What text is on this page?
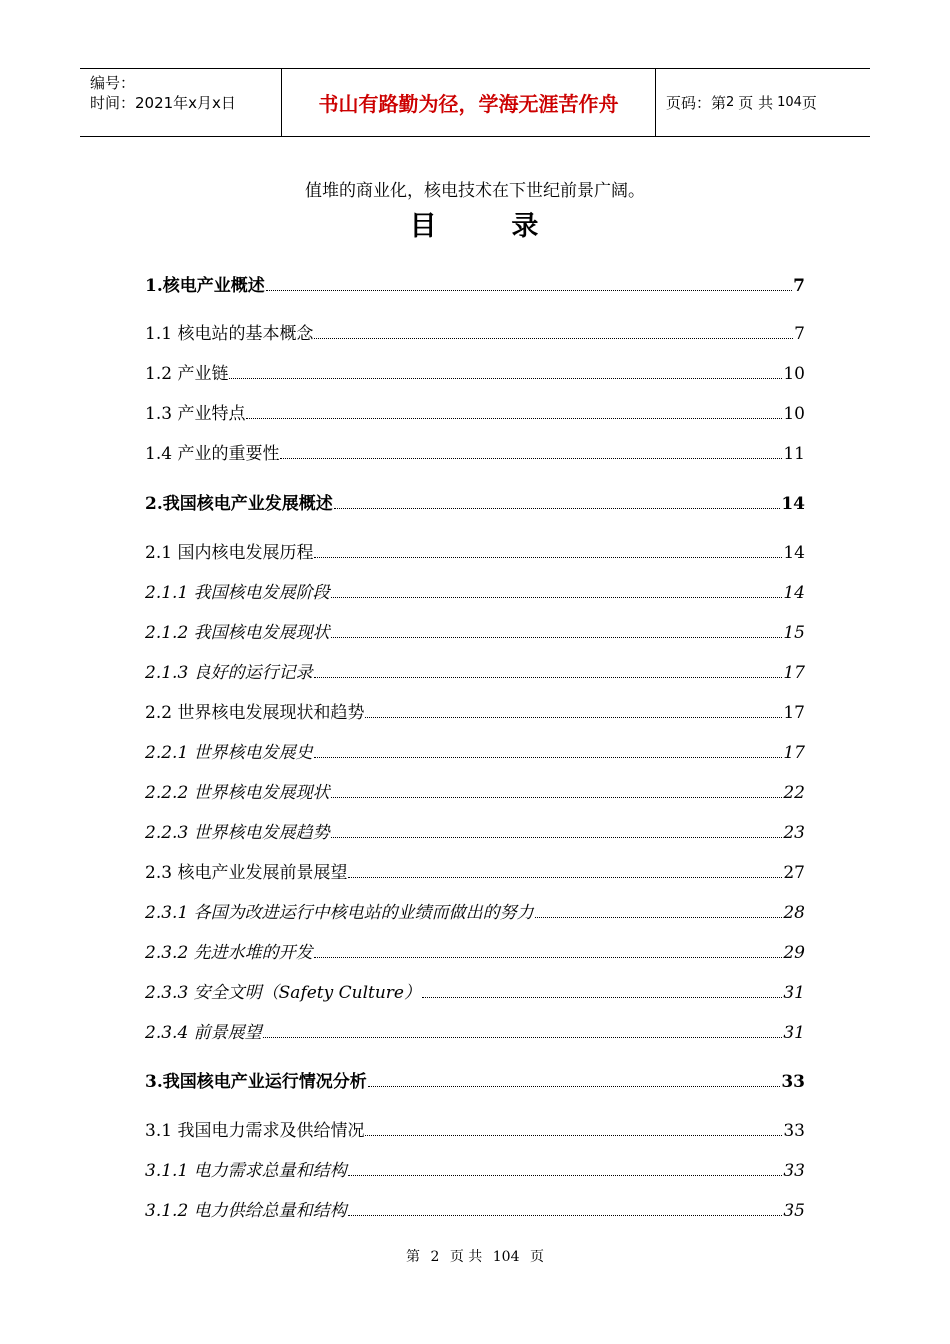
编号：
时间：2021年x月x日	书山有路勤为径，学海无涯苦作舟	页码：第 2 页 共 104 页
值堆的商业化，核电技术在下世纪前景广阔。
目	录
1.核电产业概述	7
1.1 核电站的基本概念	7
1.2 产业链	10
1.3 产业特点	10
1.4 产业的重要性	11
2.我国核电产业发展概述	14
2.1 国内核电发展历程	14
2.1.1 我国核电发展阶段	14
2.1.2 我国核电发展现状	15
2.1.3 良好的运行记录	17
2.2 世界核电发展现状和趋势	17
2.2.1 世界核电发展史	17
2.2.2 世界核电发展现状	22
2.2.3 世界核电发展趋势	23
2.3 核电产业发展前景展望	27
2.3.1 各国为改进运行中核电站的业绩而做出的努力	28
2.3.2 先进水堆的开发	29
2.3.3 安全文明（Safety Culture）	31
2.3.4 前景展望	31
3.我国核电产业运行情况分析	33
3.1 我国电力需求及供给情况	33
3.1.1 电力需求总量和结构	33
3.1.2 电力供给总量和结构	35
第 2 页 共 104 页
